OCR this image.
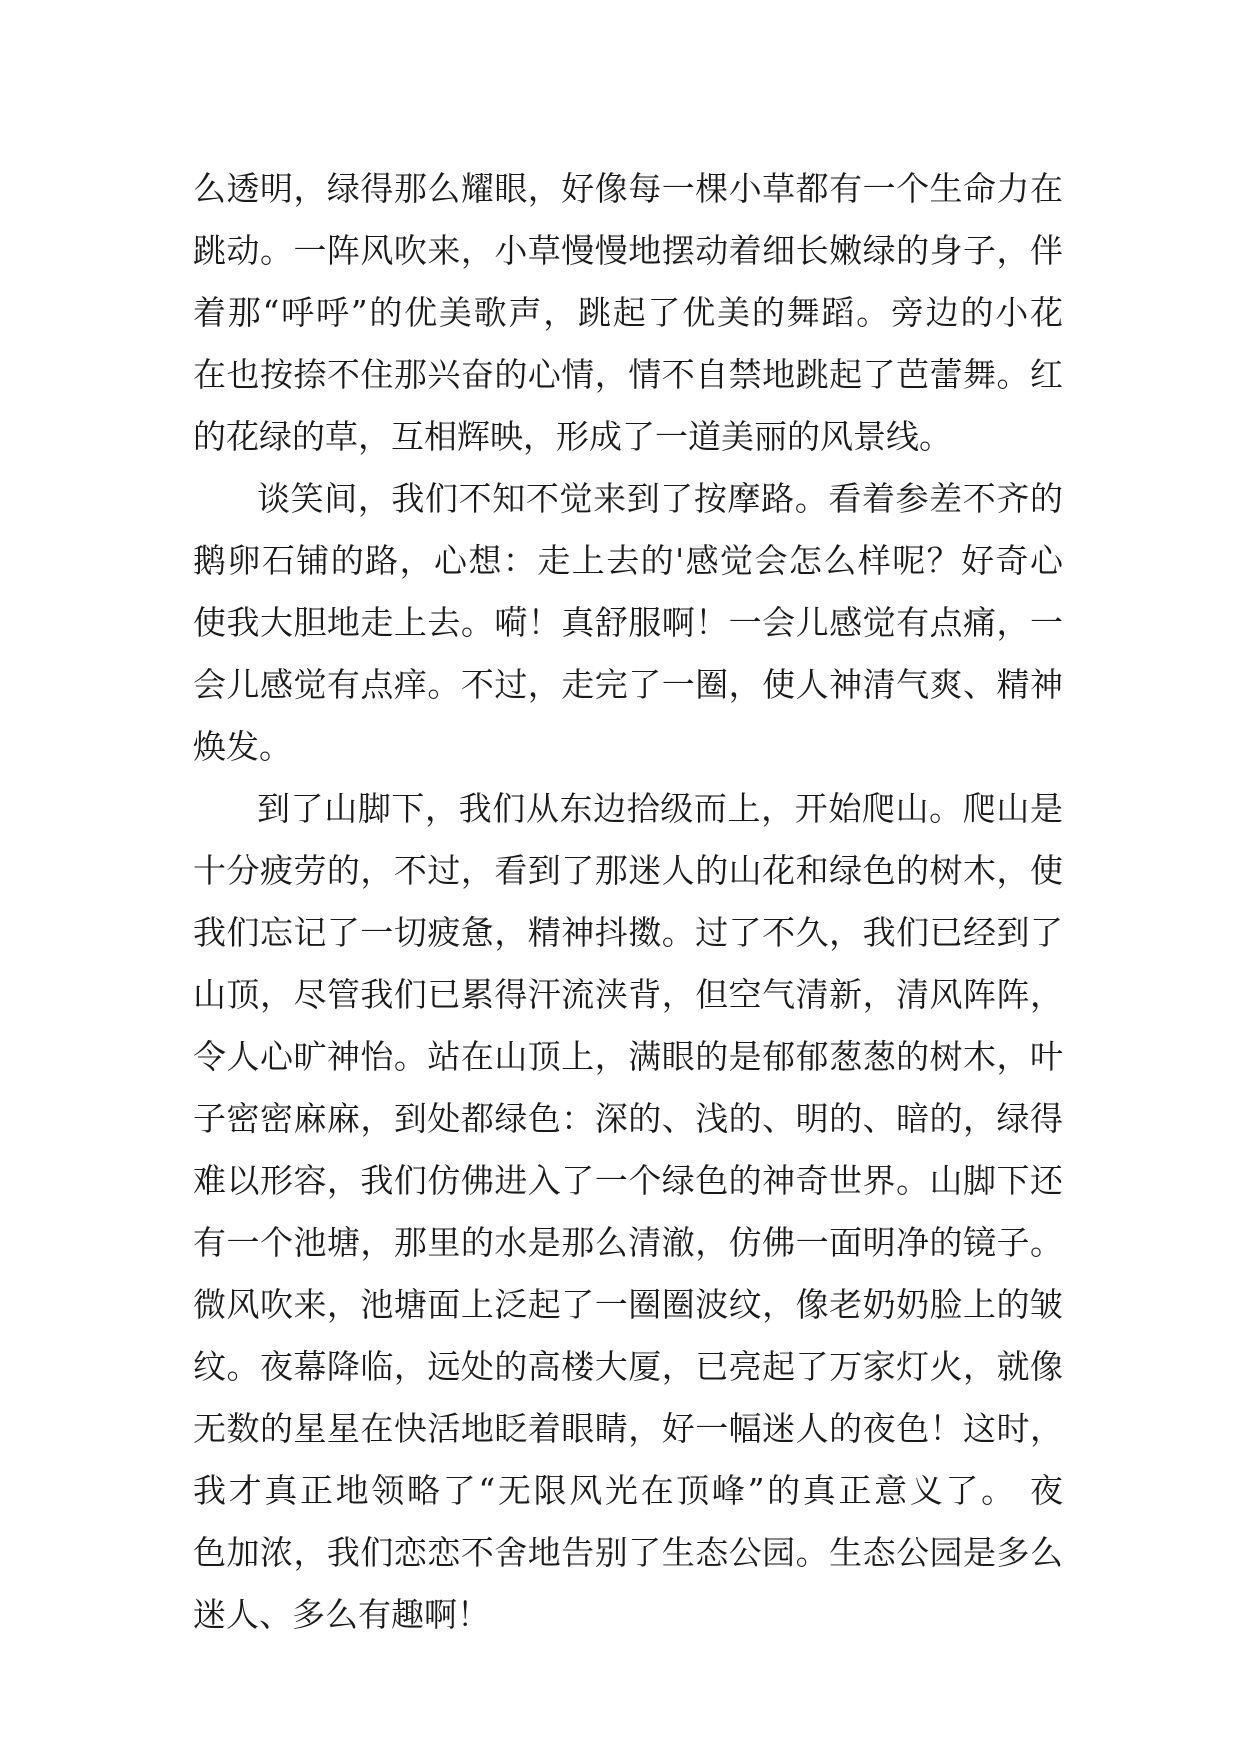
么透明，绿得那么耀眼，好像每一棵小草都有一个生命力在
跳动。一阵风吹来，小草慢慢地摆动着细长嫩绿的身子，伴
着那“呼呼”的优美歌声，跳起了优美的舞蹈。旁边的小花
在也按捺不住那兴奋的心情，情不自禁地跳起了芭蕾舞。红
的花绿的草，互相辉映，形成了一道美丽的风景线。
谈笑间，我们不知不觉来到了按摩路。看着参差不齐的
鹅卵石铺的路，心想：走上去的'感觉会怎么样呢？好奇心
使我大胆地走上去。嗬！真舒服啊！一会儿感觉有点痛，一
会儿感觉有点痒。不过，走完了一圈，使人神清气爽、精神
焕发。
到了山脚下，我们从东边拾级而上，开始爬山。爬山是
十分疲劳的，不过，看到了那迷人的山花和绿色的树木，使
我们忘记了一切疲惫，精神抖擞。过了不久，我们已经到了
山顶，尽管我们已累得汗流浃背，但空气清新，清风阵阵，
令人心旷神怡。站在山顶上，满眼的是郁郁葱葱的树木，叶
子密密麻麻，到处都绿色：深的、浅的、明的、暗的，绿得
难以形容，我们仿佛进入了一个绿色的神奇世界。山脚下还
有一个池塘，那里的水是那么清澈，仿佛一面明净的镜子。
微风吹来，池塘面上泛起了一圈圈波纹，像老奶奶脸上的皱
纹。夜幕降临，远处的高楼大厦，已亮起了万家灯火，就像
无数的星星在快活地眨着眼睛，好一幅迷人的夜色！这时，
我才真正地领略了“无限风光在顶峰”的真正意义了。 夜
色加浓，我们恋恋不舍地告别了生态公园。生态公园是多么
迷人、多么有趣啊！
